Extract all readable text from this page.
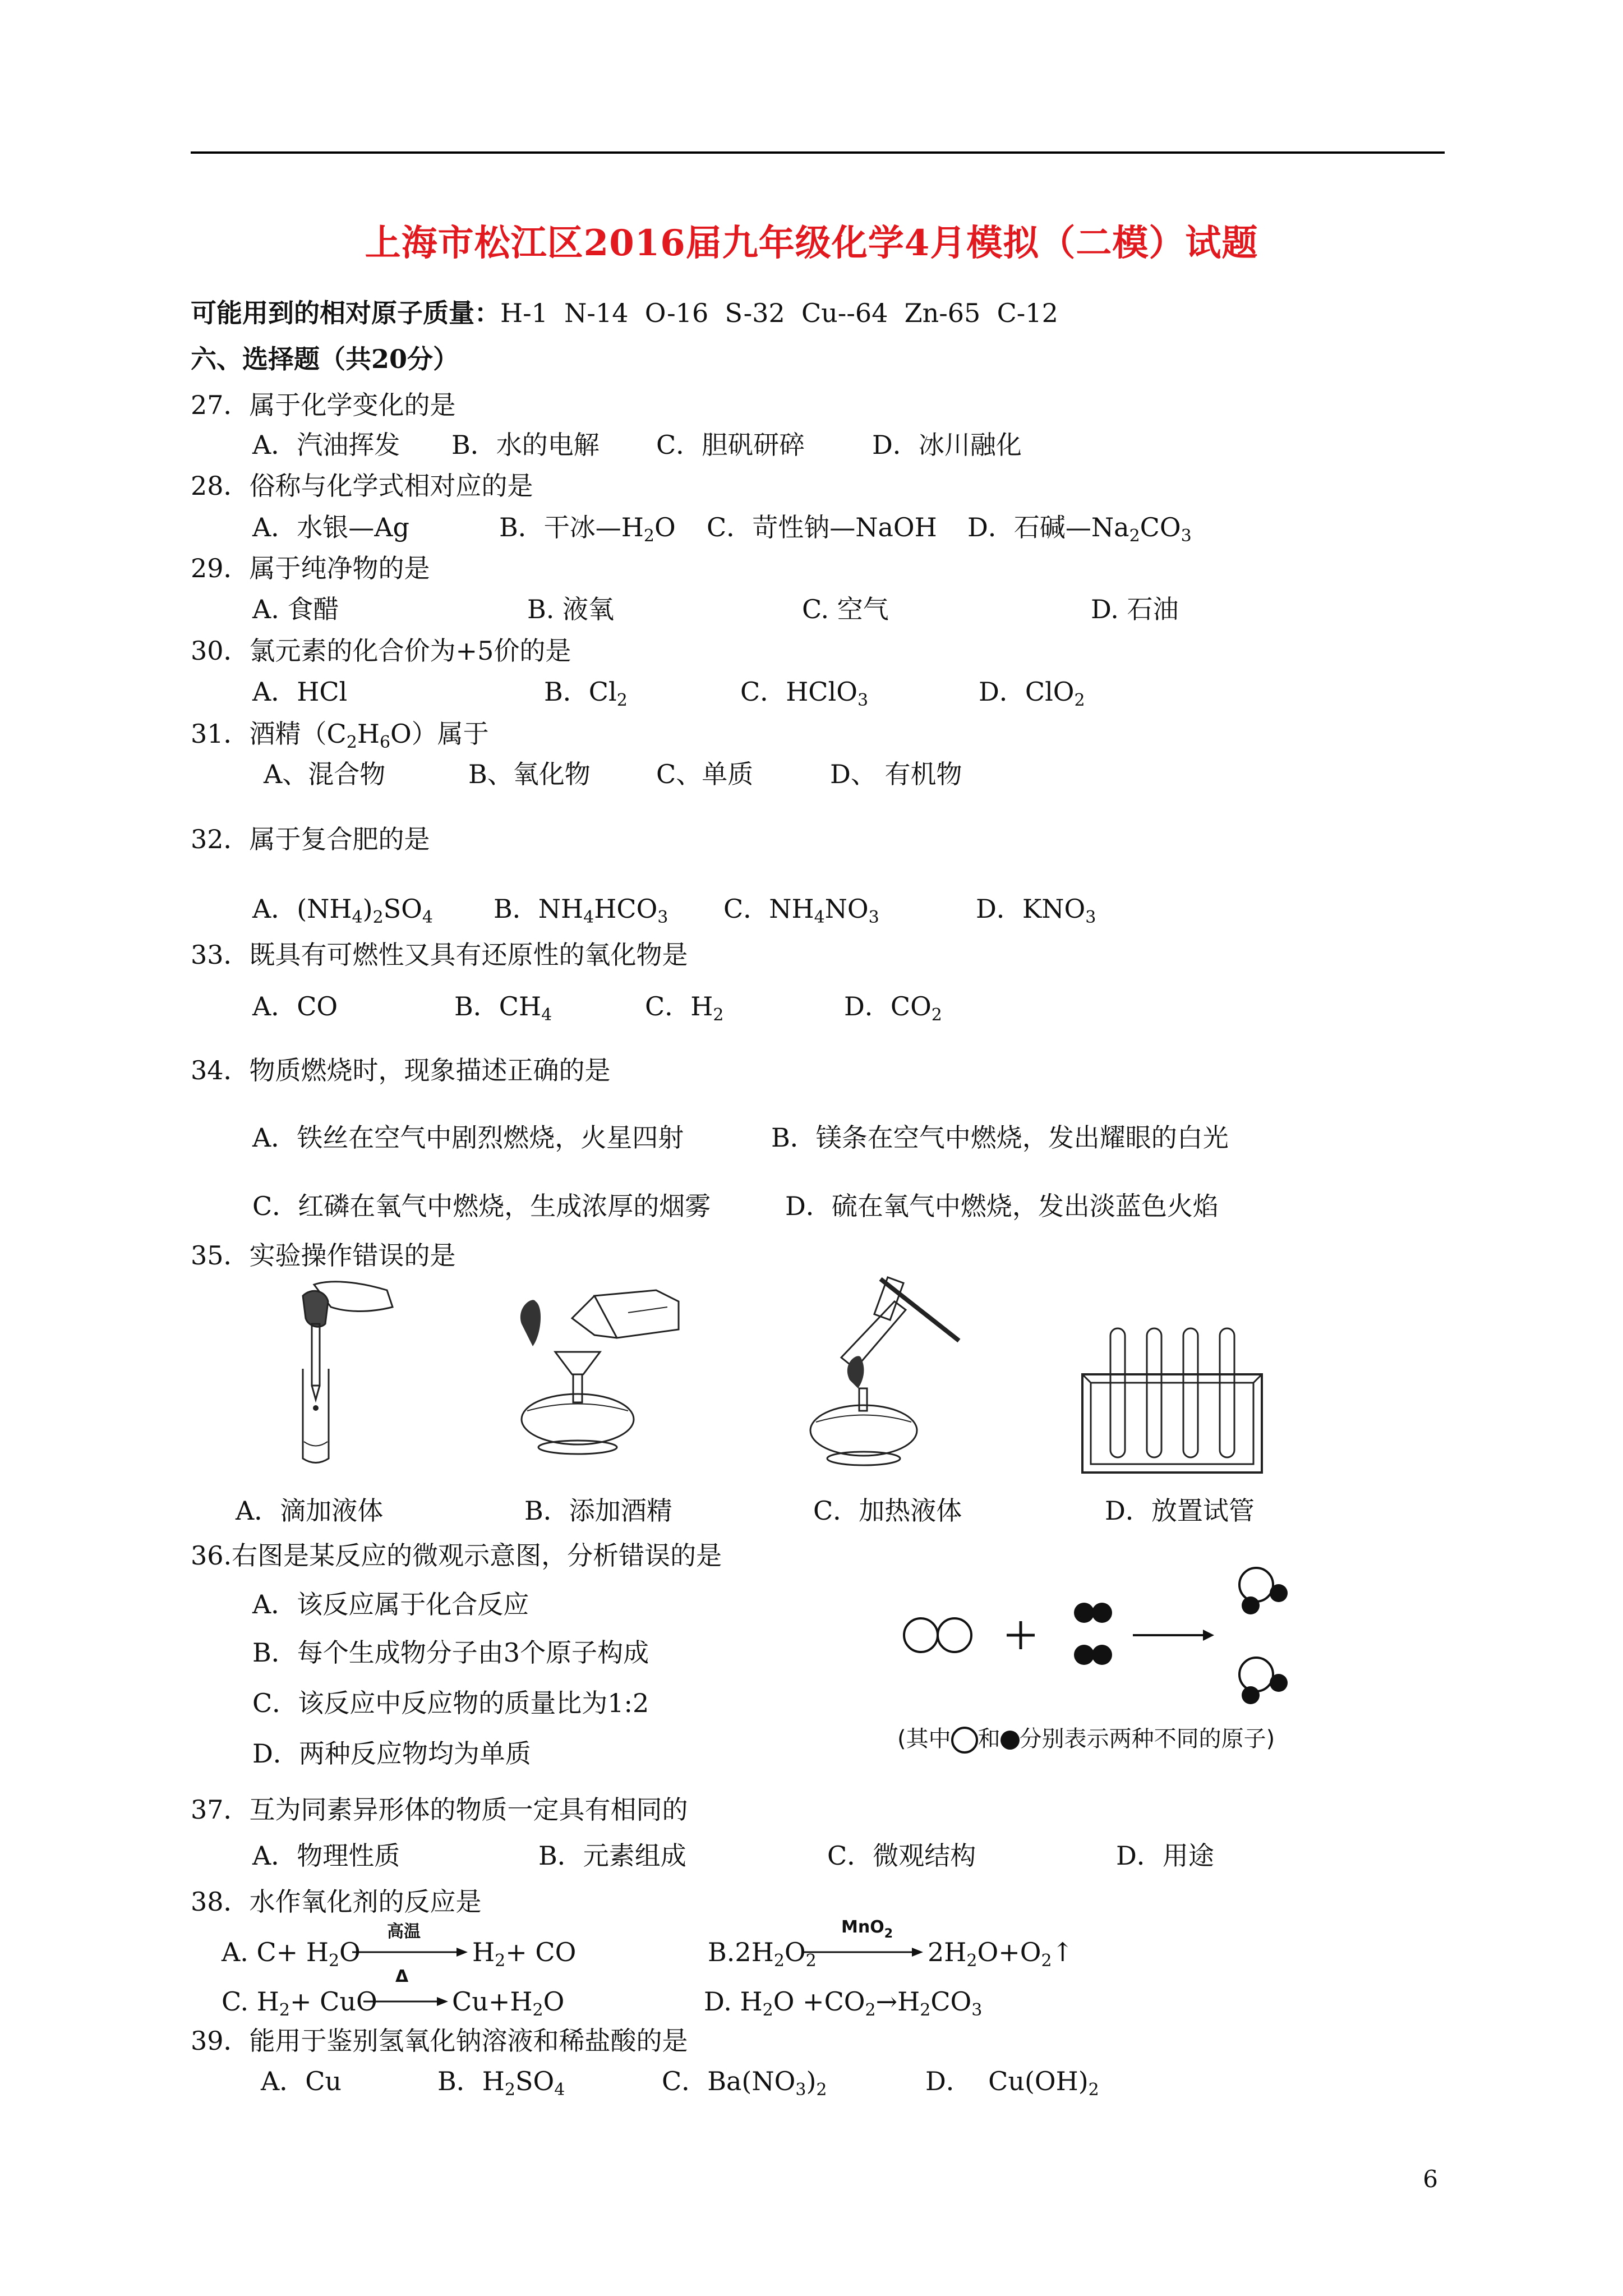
上海市松江区2016届九年级化学4月模拟（二模）试题
可能用到的相对原子质量：H-1  N-14  O-16  S-32  Cu--64  Zn-65  C-12
六、选择题（共20分）
27．属于化学变化的是
A．汽油挥发 B．水的电解 C．胆矾研碎	D．冰川融化
28．俗称与化学式相对应的是
A．水银—Ag	B．干冰$—H_2O$ C．苛性钠—NaOH D．石碱$—Na_2CO_3$
29．属于纯净物的是
A. 食醋	B. 液氧	C. 空气	D. 石油
30．氯元素的化合价为+5价的是
A．HCl	B．$Cl_2$	C．HClO$_3$	D．ClO$_2$
31．酒精$(C_2H_6O)$属于
A、混合物	B、氧化物	C、单质	D、 有机物
32．属于复合肥的是
A．$(NH_4)_2SO_4$ B．$NH_4HCO_3$ C．$NH_4NO_3$	D．$KNO_3$
33．既具有可燃性又具有还原性的氧化物是
A．CO	B．$CH_4$	C．$H_2$	D．$CO_2$
34．物质燃烧时，现象描述正确的是
A．铁丝在空气中剧烈燃烧，火星四射	B．镁条在空气中燃烧，发出耀眼的白光
C．红磷在氧气中燃烧，生成浓厚的烟雾	D．硫在氧气中燃烧，发出淡蓝色火焰
35．实验操作错误的是
A．滴加液体	B．添加酒精	C．加热液体	D．放置试管
36.右图是某反应的微观示意图，分析错误的是
A．该反应属于化合反应
B．每个生成物分子由3个原子构成
C．该反应中反应物的质量比为1:2
D．两种反应物均为单质	(其中 和 分别表示两种不同的原子)
37．互为同素异形体的物质一定具有相同的
A．物理性质	B．元素组成	C．微观结构	D．用途
38．水作氧化剂的反应是
A. $C+ H_2O$
高温
$H_2+$ CO	$B.2H_2O_2$
MnO$_2$
$2H_2O+O_2↑$
C. $H_2+$ CuO
Δ
$Cu+H_2O$	D. $H_2O +CO_2\to H_2CO_3$
39．能用于鉴别氢氧化钠溶液和稀盐酸的是
A．Cu	B．$H_2SO_4$	C．$Ba(NO_3)_2$	D．  $Cu(OH)_2$
6
